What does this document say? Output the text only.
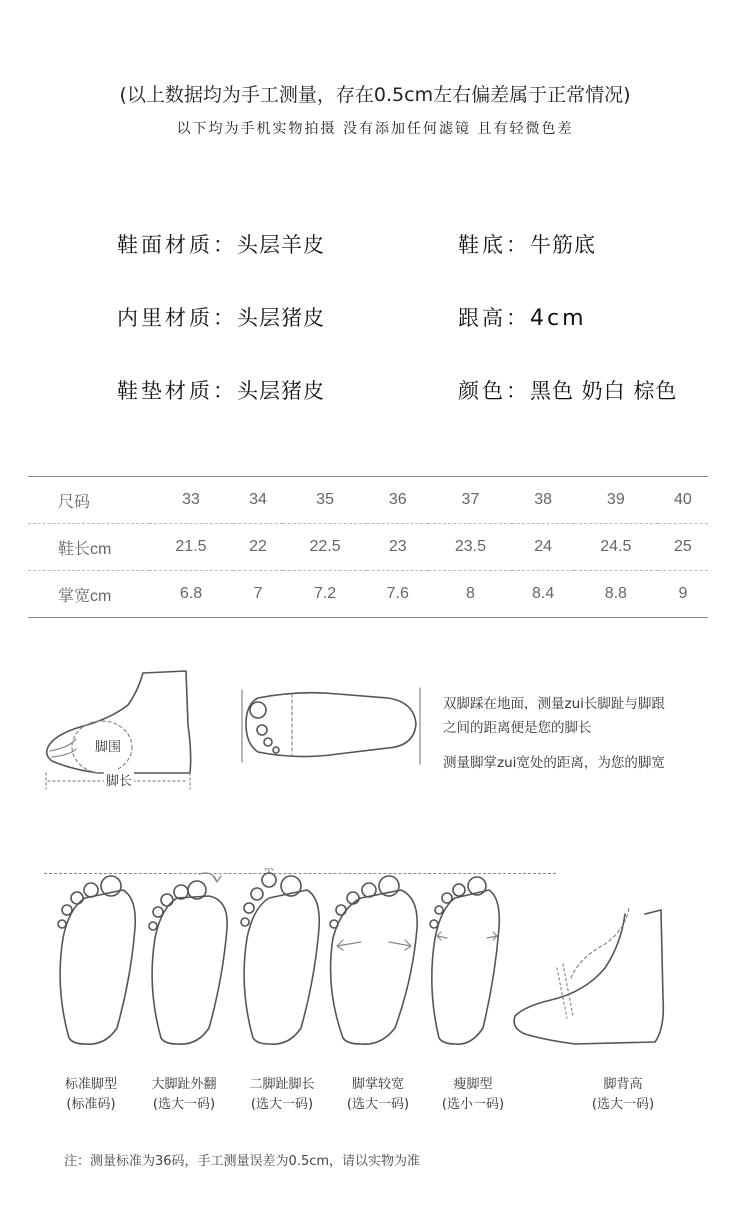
(以上数据均为手工测量，存在0.5cm左右偏差属于正常情况)
以下均为手机实物拍摄 没有添加任何滤镜 且有轻微色差
鞋面材质：头层羊皮	鞋底：牛筋底
内里材质：头层猪皮	跟高：4cm
鞋垫材质：头层猪皮	颜色：黑色 奶白 棕色
尺码	33	34	35	36	37	38	39	40
鞋长cm	21.5	22	22.5	23	23.5	24	24.5	25
掌宽cm	6.8	7	7.2	7.6	8	8.4	8.8	9
脚围
脚长
双脚踩在地面，测量zui长脚趾与脚跟
之间的距离便是您的脚长
测量脚掌zui宽处的距离，为您的脚宽
标准脚型
(标准码)
大脚趾外翻
(选大一码)
二脚趾脚长
(选大一码)
脚掌较宽
(选大一码)
瘦脚型
(选小一码)
脚背高
(选大一码)
注：测量标准为36码，手工测量误差为0.5cm，请以实物为准
